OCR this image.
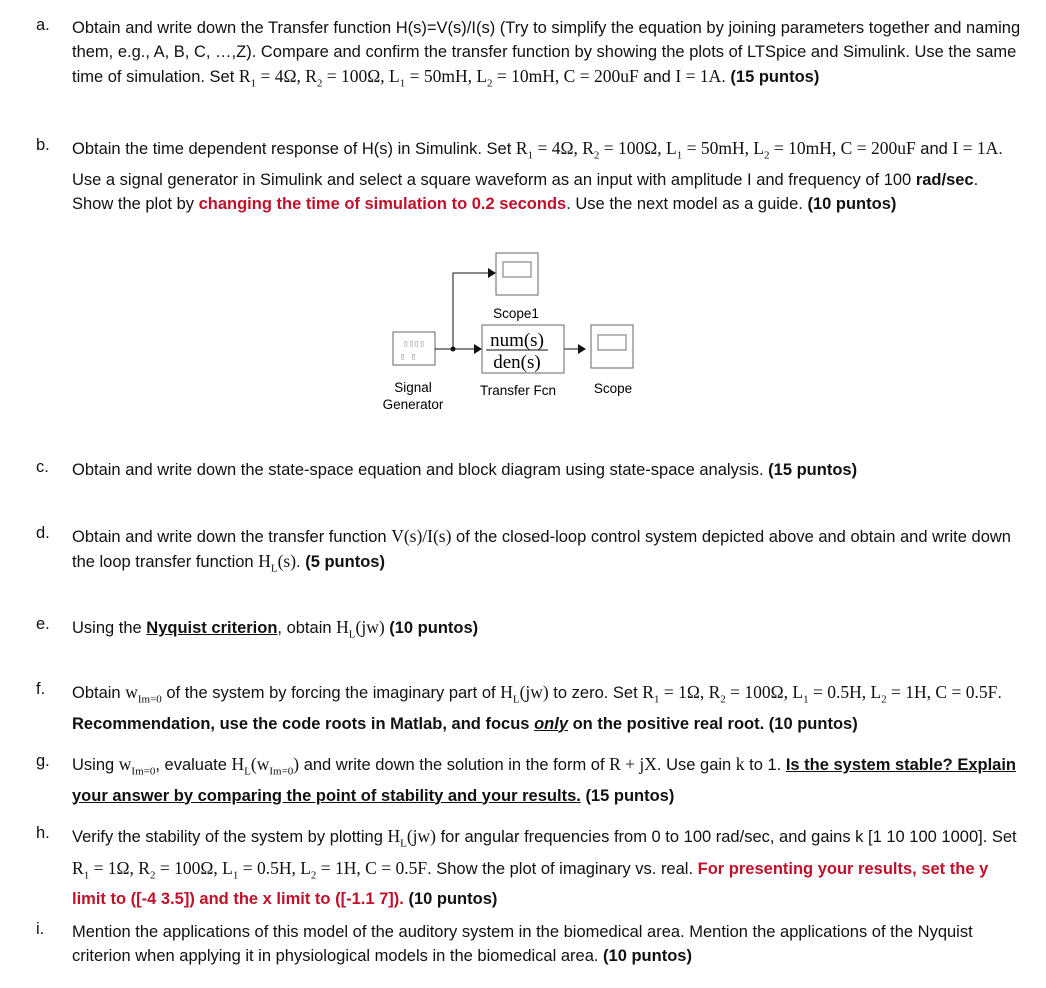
a.	Obtain and write down the Transfer function H(s)=V(s)/I(s) (Try to simplify the equation by joining parameters together and naming them, e.g., A, B, C, …,Z). Compare and confirm the transfer function by showing the plots of LTSpice and Simulink. Use the same time of simulation. Set $R_1 = 4\Omega$, $R_2 = 100\Omega$, $L_1 = 50mH$, $L_2 = 10mH$, C = 200uF and I = 1A. (15 puntos)
b.	Obtain the time dependent response of H(s) in Simulink. Set $R_1 = 4\Omega$, $R_2 = 100\Omega$, $L_1 = 50mH$, $L_2 = 10mH$, C = 200uF and I = 1A. Use a signal generator in Simulink and select a square waveform as an input with amplitude I and frequency of 100 rad/sec. Show the plot by changing the time of simulation to 0.2 seconds. Use the next model as a guide. (10 puntos)
▯▯▯▯
▯ ▯
Signal
Generator
Scope1
num(s)
den(s)
Transfer Fcn	Scope
c.	Obtain and write down the state-space equation and block diagram using state-space analysis. (15 puntos)
d.	Obtain and write down the transfer function V(s)/I(s) of the closed-loop control system depicted above and obtain and write down the loop transfer function $H_L(s)$. (5 puntos)
e.	Using the Nyquist criterion, obtain $H_L(jw)$ (10 puntos)
f.	Obtain $w_{Im=0}$ of the system by forcing the imaginary part of $H_L(jw)$ to zero. Set $R_1 = 1\Omega$, $R_2 = 100\Omega$, $L_1 = 0.5H$, $L_2 = 1H$, C = 0.5F. Recommendation, use the code roots in Matlab, and focus only on the positive real root. (10 puntos)
g.	Using $w_{Im=0}$, evaluate $H_L(w_{Im=0})$ and write down the solution in the form of R + jX. Use gain k to 1. Is the system stable? Explain your answer by comparing the point of stability and your results. (15 puntos)
h.	Verify the stability of the system by plotting $H_L(jw)$ for angular frequencies from 0 to 100 rad/sec, and gains k [1 10 100 1000]. Set $R_1 = 1\Omega$, $R_2 = 100\Omega$, $L_1 = 0.5H$, $L_2 = 1H$, C = 0.5F. Show the plot of imaginary vs. real. For presenting your results, set the y limit to ([-4 3.5]) and the x limit to ([-1.1 7]). (10 puntos)
i.	Mention the applications of this model of the auditory system in the biomedical area. Mention the applications of the Nyquist criterion when applying it in physiological models in the biomedical area. (10 puntos)
